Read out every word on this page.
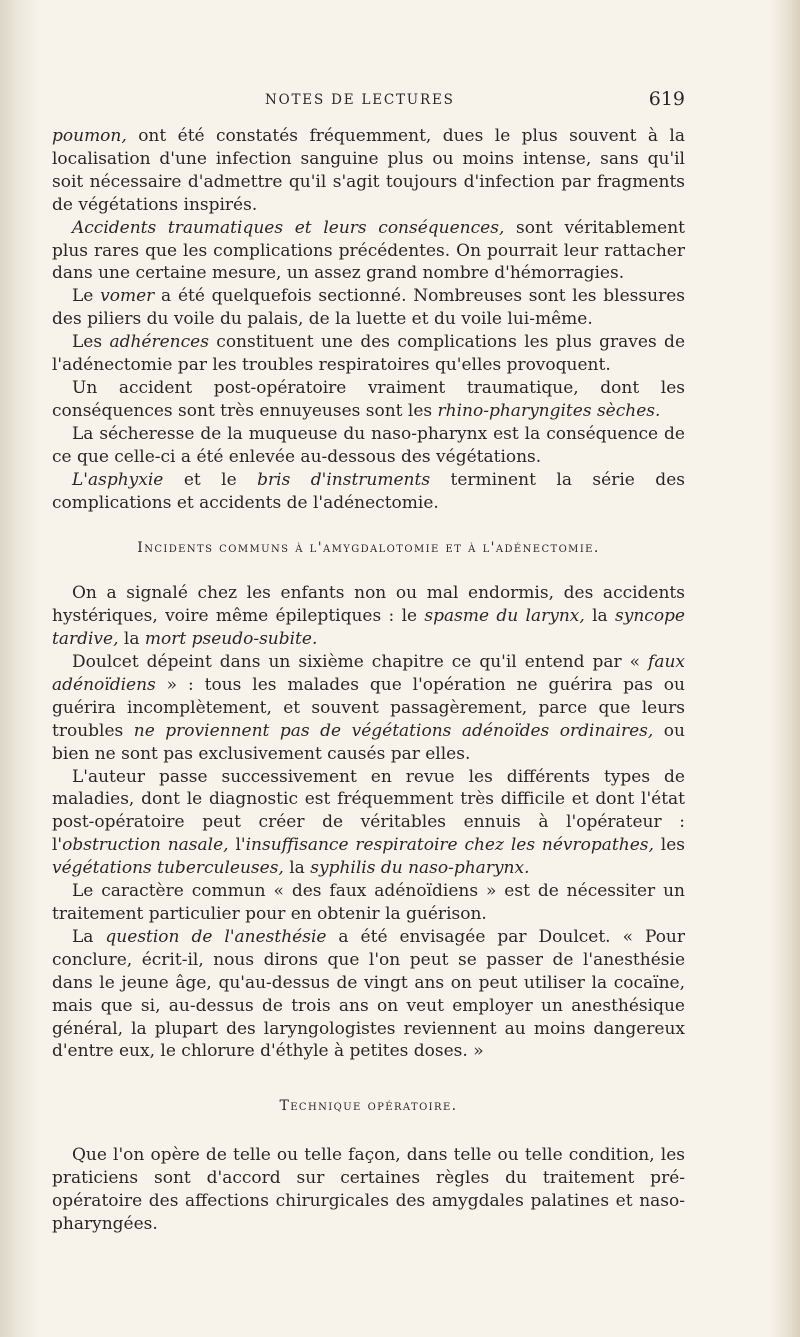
NOTES DE LECTURES	619

poumon, ont été constatés fréquemment, dues le plus souvent à la localisation d'une infection sanguine plus ou moins intense, sans qu'il soit nécessaire d'admettre qu'il s'agit toujours d'infection par fragments de végétations inspirés.

Accidents traumatiques et leurs conséquences, sont véritablement plus rares que les complications précédentes. On pourrait leur rattacher dans une certaine mesure, un assez grand nombre d'hémorragies.

Le vomer a été quelquefois sectionné. Nombreuses sont les blessures des piliers du voile du palais, de la luette et du voile lui-même.

Les adhérences constituent une des complications les plus graves de l'adénectomie par les troubles respiratoires qu'elles provoquent.

Un accident post-opératoire vraiment traumatique, dont les conséquences sont très ennuyeuses sont les rhino-pharyngites sèches.

La sécheresse de la muqueuse du naso-pharynx est la conséquence de ce que celle-ci a été enlevée au-dessous des végétations.

L'asphyxie et le bris d'instruments terminent la série des complications et accidents de l'adénectomie.

Incidents communs à l'amygdalotomie et à l'adénectomie.

On a signalé chez les enfants non ou mal endormis, des accidents hystériques, voire même épileptiques : le spasme du larynx, la syncope tardive, la mort pseudo-subite.

Doulcet dépeint dans un sixième chapitre ce qu'il entend par « faux adénoïdiens » : tous les malades que l'opération ne guérira pas ou guérira incomplètement, et souvent passagèrement, parce que leurs troubles ne proviennent pas de végétations adénoïdes ordinaires, ou bien ne sont pas exclusivement causés par elles.

L'auteur passe successivement en revue les différents types de maladies, dont le diagnostic est fréquemment très difficile et dont l'état post-opératoire peut créer de véritables ennuis à l'opérateur : l'obstruction nasale, l'insuffisance respiratoire chez les névropathes, les végétations tuberculeuses, la syphilis du naso-pharynx.

Le caractère commun « des faux adénoïdiens » est de nécessiter un traitement particulier pour en obtenir la guérison.

La question de l'anesthésie a été envisagée par Doulcet. « Pour conclure, écrit-il, nous dirons que l'on peut se passer de l'anesthésie dans le jeune âge, qu'au-dessus de vingt ans on peut utiliser la cocaïne, mais que si, au-dessus de trois ans on veut employer un anesthésique général, la plupart des laryngologistes reviennent au moins dangereux d'entre eux, le chlorure d'éthyle à petites doses. »

Technique opératoire.

Que l'on opère de telle ou telle façon, dans telle ou telle condition, les praticiens sont d'accord sur certaines règles du traitement pré-opératoire des affections chirurgicales des amygdales palatines et naso-pharyngées.
